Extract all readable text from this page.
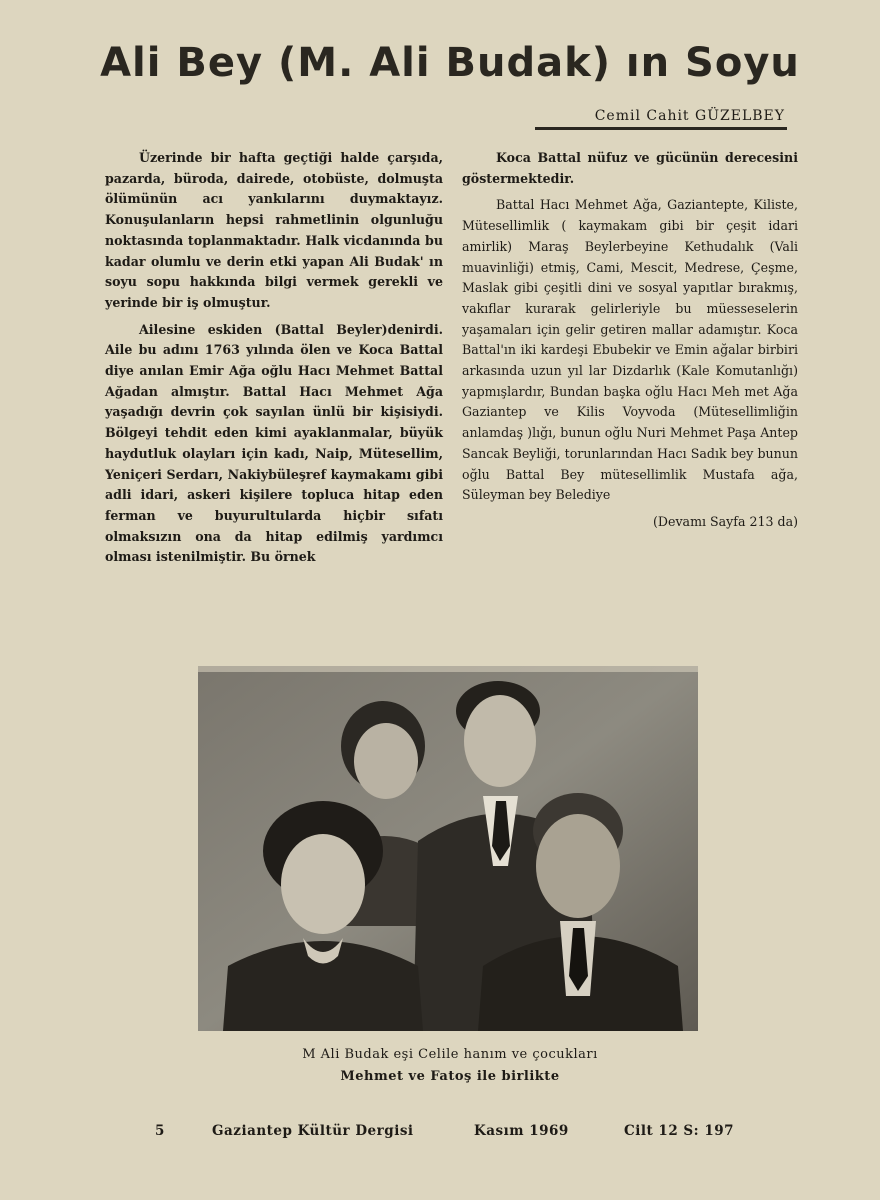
Ali Bey (M. Ali Budak) ın Soyu
Cemil Cahit GÜZELBEY

Üzerinde bir hafta geçtiği halde çarşıda, pazarda, büroda, dairede, otobüste, dolmuşta ölümünün acı yankılarını duymaktayız. Konuşulanların hepsi rahmetlinin olgunluğu noktasında toplanmaktadır. Halk vicdanında bu kadar olumlu ve derin etki yapan Ali Budak' ın soyu sopu hakkında bilgi vermek gerekli ve yerinde bir iş olmuştur.

Ailesine eskiden (Battal Beyler)denirdi. Aile bu adını 1763 yılında ölen ve Koca Battal diye anılan Emir Ağa oğlu Hacı Mehmet Battal Ağadan almıştır. Battal Hacı Mehmet Ağa yaşadığı devrin çok sayılan ünlü bir kişisiydi. Bölgeyi tehdit eden kimi ayaklanmalar, büyük haydutluk olayları için kadı, Naip, Mütesellim, Yeniçeri Serdarı, Nakiybüleşref kaymakamı gibi adli idari, askeri kişilere topluca hitap eden ferman ve buyurultularda hiçbir sıfatı olmaksızın ona da hitap edilmiş yardımcı olması istenilmiştir. Bu örnek

Koca Battal nüfuz ve gücünün derecesini göstermektedir.

Battal Hacı Mehmet Ağa, Gaziantepte, Kiliste, Mütesellimlik ( kaymakam gibi bir çeşit idari amirlik) Maraş Beylerbeyine Kethudalık (Vali muavinliği) etmiş, Cami, Mescit, Medrese, Çeşme, Maslak gibi çeşitli dini ve sosyal yapıtlar bırakmış, vakıflar kurarak gelirleriyle bu müesseselerin yaşamaları için gelir getiren mallar adamıştır. Koca Battal'ın iki kardeşi Ebubekir ve Emin ağalar birbiri arkasında uzun yıl lar Dizdarlık (Kale Komutanlığı) yapmışlardır, Bundan başka oğlu Hacı Meh met Ağa Gaziantep ve Kilis Voyvoda (Mütesellimliğin anlamdaş )lığı, bunun oğlu Nuri Mehmet Paşa Antep Sancak Beyliği, torunlarından Hacı Sadık bey bunun oğlu Battal Bey mütesellimlik Mustafa ağa, Süleyman bey Belediye

(Devamı Sayfa 213 da)

M Ali Budak eşi Celile hanım ve çocukları
Mehmet ve Fatoş ile birlikte
5	Gaziantep Kültür Dergisi	Kasım 1969	Cilt 12 S: 197
